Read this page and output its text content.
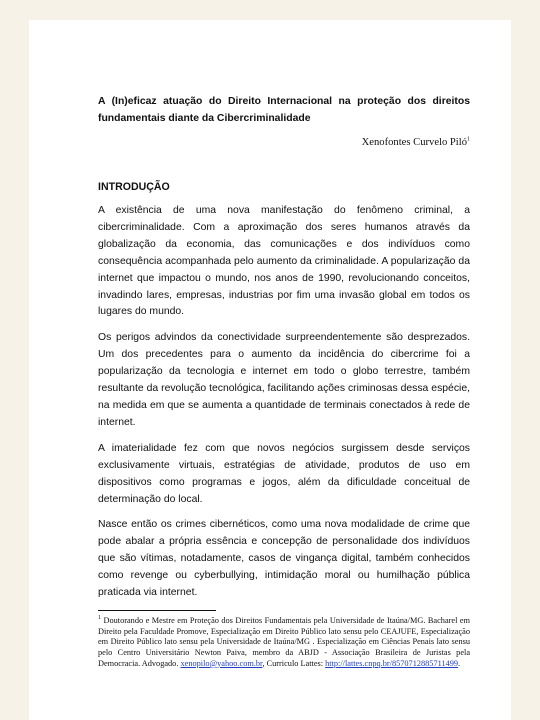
A (In)eficaz atuação do Direito Internacional na proteção dos direitos fundamentais diante da Cibercriminalidade

Xenofontes Curvelo Piló$^1$

INTRODUÇÃO

A existência de uma nova manifestação do fenômeno criminal, a cibercriminalidade. Com a aproximação dos seres humanos através da globalização da economia, das comunicações e dos indivíduos como consequência acompanhada pelo aumento da criminalidade. A popularização da internet que impactou o mundo, nos anos de 1990, revolucionando conceitos, invadindo lares, empresas, industrias por fim uma invasão global em todos os lugares do mundo.

Os perigos advindos da conectividade surpreendentemente são desprezados. Um dos precedentes para o aumento da incidência do cibercrime foi a popularização da tecnologia e internet em todo o globo terrestre, também resultante da revolução tecnológica, facilitando ações criminosas dessa espécie, na medida em que se aumenta a quantidade de terminais conectados à rede de internet.

A imaterialidade fez com que novos negócios surgissem desde serviços exclusivamente virtuais, estratégias de atividade, produtos de uso em dispositivos como programas e jogos, além da dificuldade conceitual de determinação do local.

Nasce então os crimes cibernéticos, como uma nova modalidade de crime que pode abalar a própria essência e concepção de personalidade dos indivíduos que são vítimas, notadamente, casos de vingança digital, também conhecidos como revenge ou cyberbullying, intimidação moral ou humilhação pública praticada via internet.

$^1$ Doutorando e Mestre em Proteção dos Direitos Fundamentais pela Universidade de Itaúna/MG. Bacharel em Direito pela Faculdade Promove, Especialização em Direito Público lato sensu pelo CEAJUFE, Especialização em Direito Público lato sensu pela Universidade de Itaúna/MG . Especialização em Ciências Penais lato sensu pelo Centro Universitário Newton Paiva, membro da ABJD - Associação Brasileira de Juristas pela Democracia. Advogado. xenopilo@yahoo.com.br, Curriculo Lattes: http://lattes.cnpq.br/8570712885711499.
